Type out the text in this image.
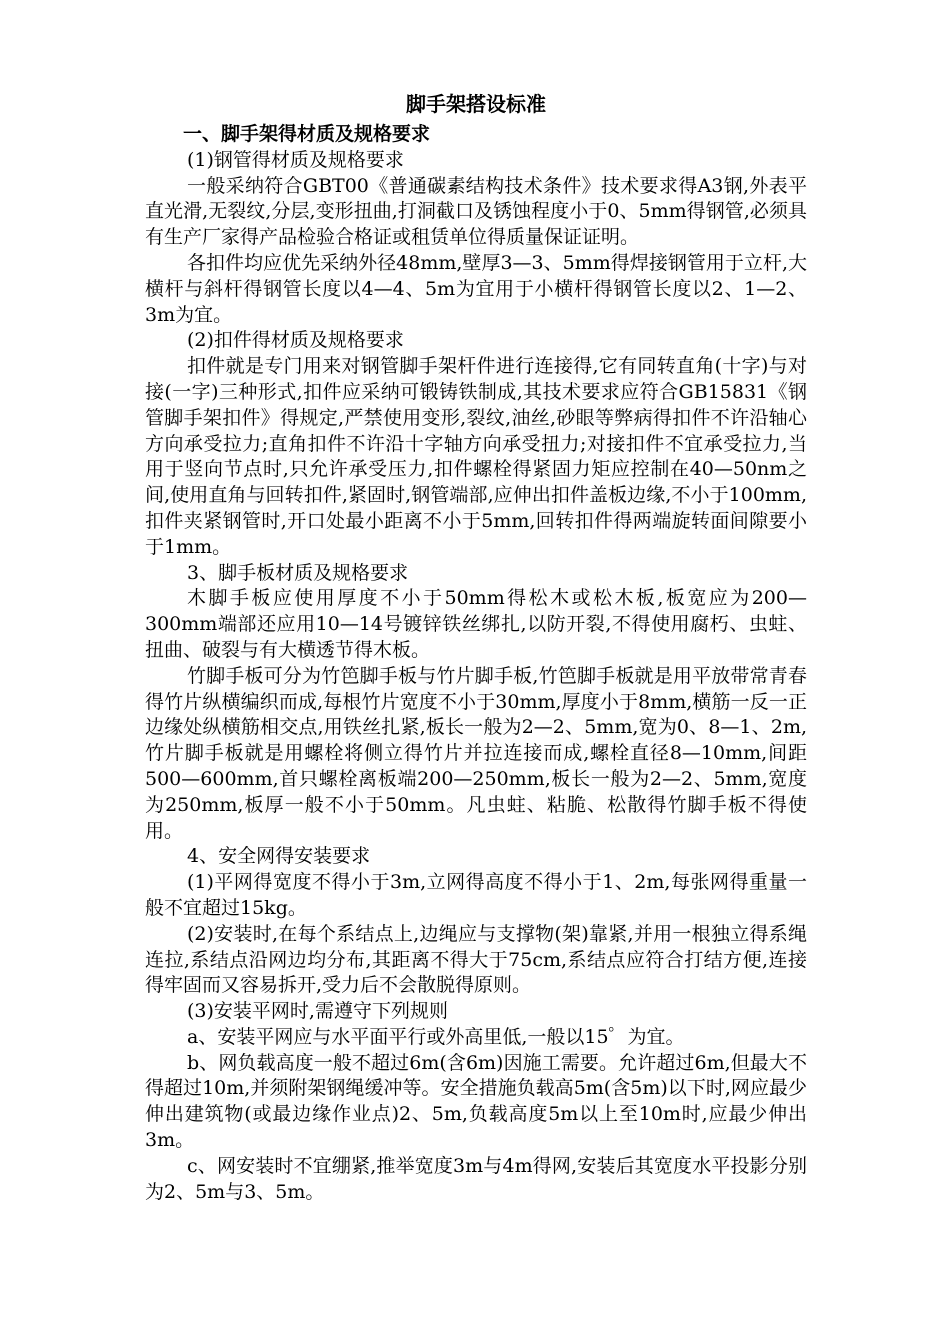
脚手架搭设标准
一、脚手架得材质及规格要求

(1)钢管得材质及规格要求

一般采纳符合GBT00《普通碳素结构技术条件》技术要求得A3钢,外表平直光滑,无裂纹,分层,变形扭曲,打洞截口及锈蚀程度小于0、5mm得钢管,必须具有生产厂家得产品检验合格证或租赁单位得质量保证证明。

各扣件均应优先采纳外径48mm,壁厚3—3、5mm得焊接钢管用于立杆,大横杆与斜杆得钢管长度以4—4、5m为宜用于小横杆得钢管长度以2、1—2、3m为宜。

(2)扣件得材质及规格要求

扣件就是专门用来对钢管脚手架杆件进行连接得,它有同转直角(十字)与对接(一字)三种形式,扣件应采纳可锻铸铁制成,其技术要求应符合GB15831《钢管脚手架扣件》得规定,严禁使用变形,裂纹,油丝,砂眼等弊病得扣件不许沿轴心方向承受拉力;直角扣件不许沿十字轴方向承受扭力;对接扣件不宜承受拉力,当用于竖向节点时,只允许承受压力,扣件螺栓得紧固力矩应控制在40—50nm之间,使用直角与回转扣件,紧固时,钢管端部,应伸出扣件盖板边缘,不小于100mm,扣件夹紧钢管时,开口处最小距离不小于5mm,回转扣件得两端旋转面间隙要小于1mm。

3、脚手板材质及规格要求

木脚手板应使用厚度不小于50mm得松木或松木板,板宽应为200—300mm端部还应用10—14号镀锌铁丝绑扎,以防开裂,不得使用腐朽、虫蛀、扭曲、破裂与有大横透节得木板。

竹脚手板可分为竹笆脚手板与竹片脚手板,竹笆脚手板就是用平放带常青春得竹片纵横编织而成,每根竹片宽度不小于30mm,厚度小于8mm,横筋一反一正边缘处纵横筋相交点,用铁丝扎紧,板长一般为2—2、5mm,宽为0、8—1、2m,竹片脚手板就是用螺栓将侧立得竹片并拉连接而成,螺栓直径8—10mm,间距500—600mm,首只螺栓离板端200—250mm,板长一般为2—2、5mm,宽度为250mm,板厚一般不小于50mm。凡虫蛀、粘脆、松散得竹脚手板不得使用。

4、安全网得安装要求

(1)平网得宽度不得小于3m,立网得高度不得小于1、2m,每张网得重量一般不宜超过15kg。

(2)安装时,在每个系结点上,边绳应与支撑物(架)靠紧,并用一根独立得系绳连拉,系结点沿网边均分布,其距离不得大于75cm,系结点应符合打结方便,连接得牢固而又容易拆开,受力后不会散脱得原则。

(3)安装平网时,需遵守下列规则

a、安装平网应与水平面平行或外高里低,一般以15゜为宜。

b、网负载高度一般不超过6m(含6m)因施工需要。允许超过6m,但最大不得超过10m,并须附架钢绳缓冲等。安全措施负载高5m(含5m)以下时,网应最少伸出建筑物(或最边缘作业点)2、5m,负载高度5m以上至10m时,应最少伸出3m。

c、网安装时不宜绷紧,推举宽度3m与4m得网,安装后其宽度水平投影分别为2、5m与3、5m。
